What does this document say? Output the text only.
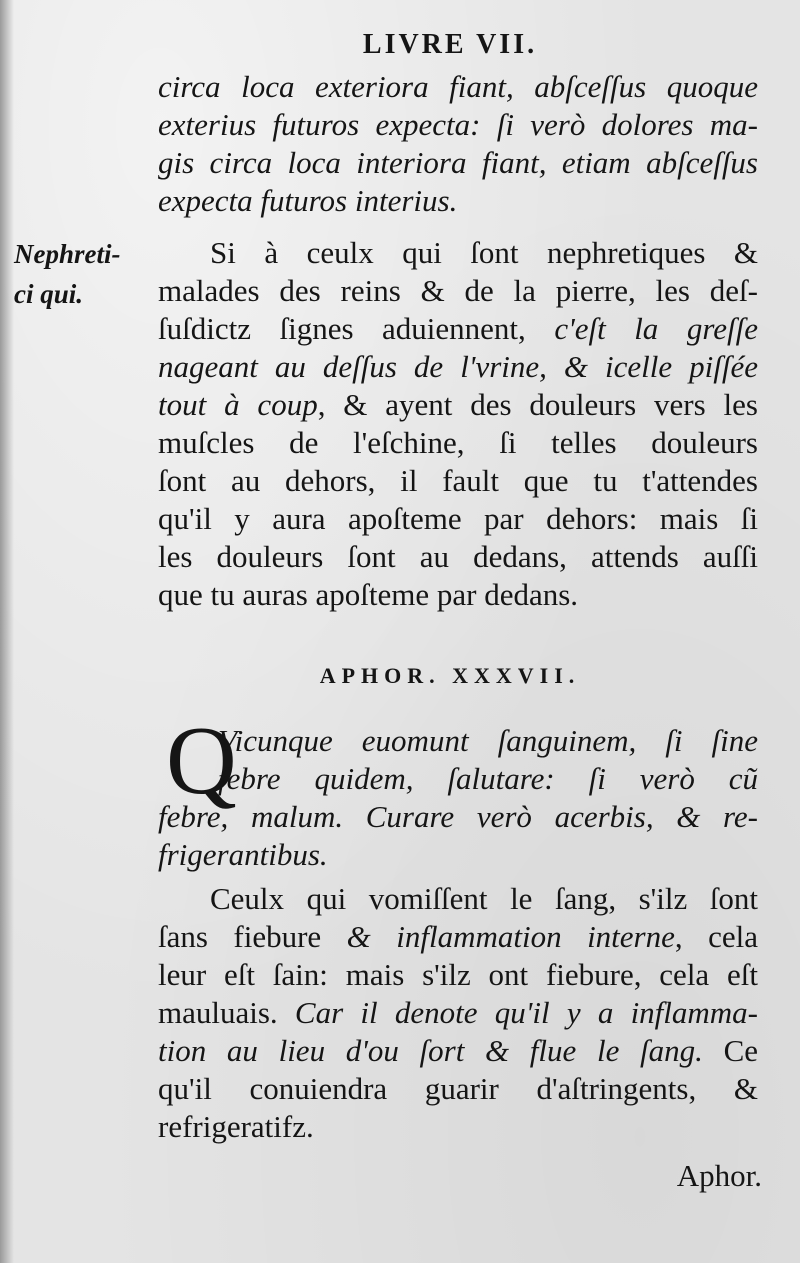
LIVRE VII.
circa loca exteriora fiant, abſceſſus quoque
exterius futuros expecta: ſi verò dolores ma-
gis circa loca interiora fiant, etiam abſceſſus
expecta futuros interius.
Nephreti-
ci qui.
Si à ceulx qui ſont nephretiques &
malades des reins & de la pierre, les deſ-
ſuſdictz ſignes aduiennent, c'eſt la greſſe
nageant au deſſus de l'vrine, & icelle piſſée
tout à coup, & ayent des douleurs vers les
muſcles de l'eſchine, ſi telles douleurs
ſont au dehors, il fault que tu t'attendes
qu'il y aura apoſteme par dehors: mais ſi
les douleurs ſont au dedans, attends auſſi
que tu auras apoſteme par dedans.
APHOR. XXXVII.
Q
Vicunque euomunt ſanguinem, ſi ſine
febre quidem, ſalutare: ſi verò cũ
febre, malum. Curare verò acerbis, & re-
frigerantibus.
Ceulx qui vomiſſent le ſang, s'ilz ſont
ſans fiebure & inflammation interne, cela
leur eſt ſain: mais s'ilz ont fiebure, cela eſt
mauluais. Car il denote qu'il y a inflamma-
tion au lieu d'ou ſort & flue le ſang. Ce
qu'il conuiendra guarir d'aſtringents, &
refrigeratifz.
Aphor.
